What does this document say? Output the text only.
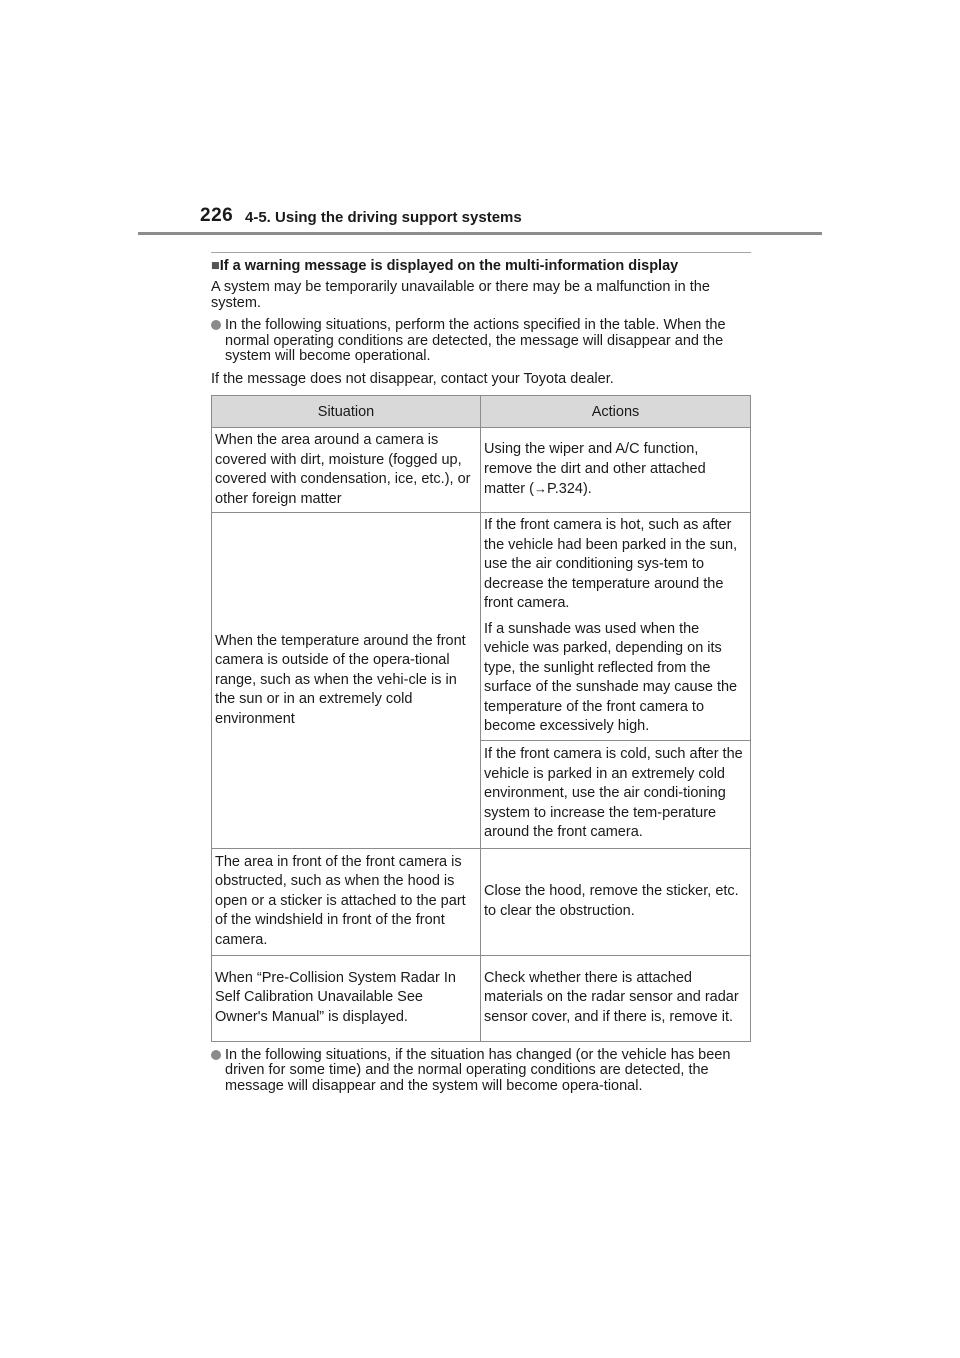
226 4-5. Using the driving support systems
■If a warning message is displayed on the multi-information display

A system may be temporarily unavailable or there may be a malfunction in the system.

In the following situations, perform the actions specified in the table. When the normal operating conditions are detected, the message will disappear and the system will become operational.

If the message does not disappear, contact your Toyota dealer.

Situation	Actions
When the area around a camera is covered with dirt, moisture (fogged up, covered with condensation, ice, etc.), or other foreign matter	Using the wiper and A/C function, remove the dirt and other attached matter (→P.324).
When the temperature around the front camera is outside of the opera-tional range, such as when the vehi-cle is in the sun or in an extremely cold environment	If the front camera is hot, such as after the vehicle had been parked in the sun, use the air conditioning sys-tem to decrease the temperature around the front camera.
If a sunshade was used when the vehicle was parked, depending on its type, the sunlight reflected from the surface of the sunshade may cause the temperature of the front camera to become excessively high.

	If the front camera is cold, such after the vehicle is parked in an extremely cold environment, use the air condi-tioning system to increase the tem-perature around the front camera.
The area in front of the front camera is obstructed, such as when the hood is open or a sticker is attached to the part of the windshield in front of the front camera.	Close the hood, remove the sticker, etc. to clear the obstruction.
When “Pre-Collision System Radar In Self Calibration Unavailable See Owner's Manual” is displayed.	Check whether there is attached materials on the radar sensor and radar sensor cover, and if there is, remove it.

In the following situations, if the situation has changed (or the vehicle has been driven for some time) and the normal operating conditions are detected, the message will disappear and the system will become opera-tional.
